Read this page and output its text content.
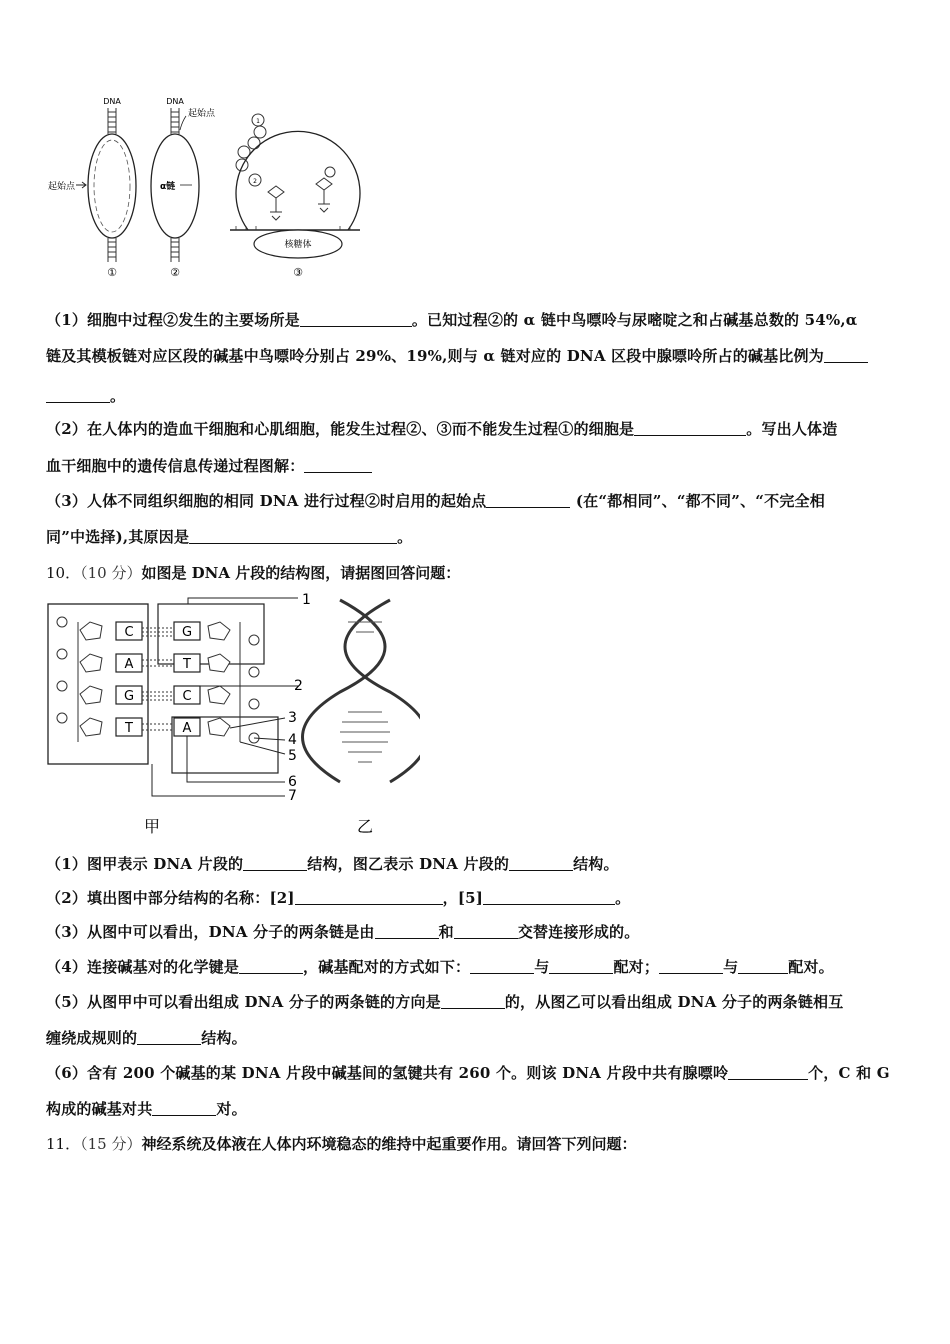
DNA
起始点
①
DNA
起始点
α链
②
1
2
核糖体
③
（1）细胞中过程②发生的主要场所是	。已知过程②的 α 链中鸟嘌呤与尿嘧啶之和占碱基总数的 54%,α
链及其模板链对应区段的碱基中鸟嘌呤分别占 29%、19%,则与 α 链对应的 DNA 区段中腺嘌呤所占的碱基比例为
。
（2）在人体内的造血干细胞和心肌细胞，能发生过程②、③而不能发生过程①的细胞是	。写出人体造
血干细胞中的遗传信息传递过程图解：
（3）人体不同组织细胞的相同 DNA 进行过程②时启用的起始点	(在“都相同”、“都不同”、“不完全相
同”中选择),其原因是	。
10．（10 分）如图是 DNA 片段的结构图，请据图回答问题：
C
A
G
T
G
T
C
A
1
2
3
4
5
6
7
甲	乙
（1）图甲表示 DNA 片段的	结构，图乙表示 DNA 片段的	结构。
（2）填出图中部分结构的名称：[2]	，[5]	。
（3）从图中可以看出，DNA 分子的两条链是由	和	交替连接形成的。
（4）连接碱基对的化学键是	，碱基配对的方式如下：	与	配对；	与	配对。
（5）从图甲中可以看出组成 DNA 分子的两条链的方向是	的，从图乙可以看出组成 DNA 分子的两条链相互
缠绕成规则的	结构。
（6）含有 200 个碱基的某 DNA 片段中碱基间的氢键共有 260 个。则该 DNA 片段中共有腺嘌呤	个，C 和 G
构成的碱基对共	对。
11．（15 分）神经系统及体液在人体内环境稳态的维持中起重要作用。请回答下列问题：
